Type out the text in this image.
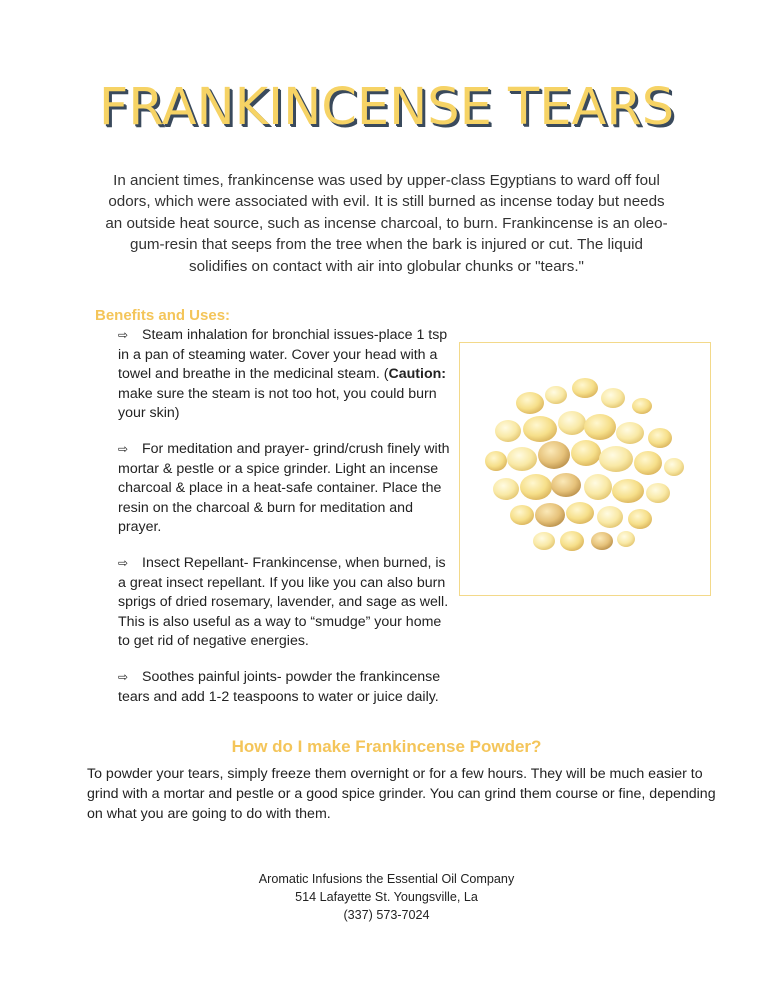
FRANKINCENSE TEARS

In ancient times, frankincense was used by upper-class Egyptians to ward off foul odors, which were associated with evil. It is still burned as incense today but needs an outside heat source, such as incense charcoal, to burn. Frankincense is an oleo-gum-resin that seeps from the tree when the bark is injured or cut. The liquid solidifies on contact with air into globular chunks or "tears."

Benefits and Uses:
⇨ Steam inhalation for bronchial issues-place 1 tsp in a pan of steaming water. Cover your head with a towel and breathe in the medicinal steam. (Caution: make sure the steam is not too hot, you could burn your skin)
⇨ For meditation and prayer- grind/crush finely with mortar & pestle or a spice grinder. Light an incense charcoal & place in a heat-safe container. Place the resin on the charcoal & burn for meditation and prayer.
⇨ Insect Repellant- Frankincense, when burned, is a great insect repellant. If you like you can also burn sprigs of dried rosemary, lavender, and sage as well. This is also useful as a way to “smudge” your home to get rid of negative energies.
⇨ Soothes painful joints- powder the frankincense tears and add 1-2 teaspoons to water or juice daily.
How do I make Frankincense Powder?

To powder your tears, simply freeze them overnight or for a few hours. They will be much easier to grind with a mortar and pestle or a good spice grinder. You can grind them course or fine, depending on what you are going to do with them.

Aromatic Infusions the Essential Oil Company
514 Lafayette St. Youngsville, La
(337) 573-7024
